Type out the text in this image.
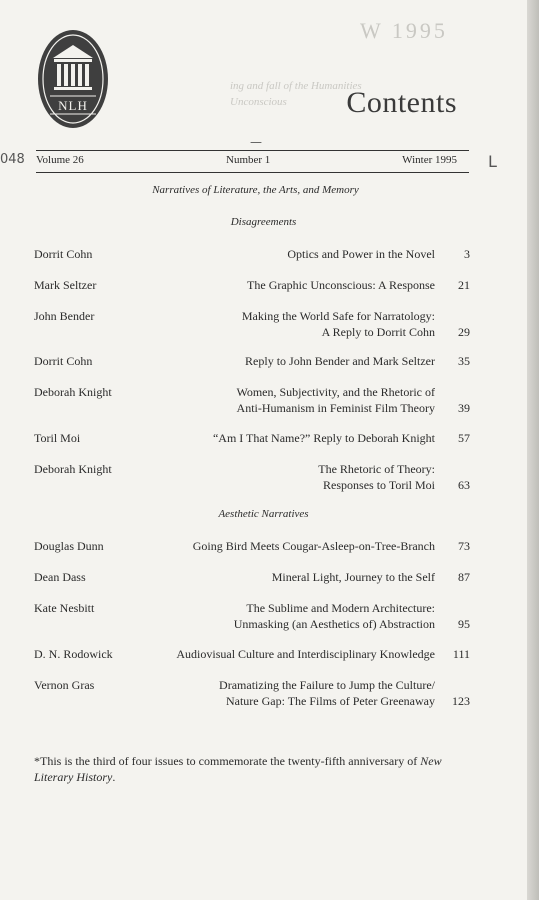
ing and fall of the Humanities
Unconscious
W 1995
NLH	Contents
048	L
—
Volume 26	Number 1	Winter 1995
Narratives of Literature, the Arts, and Memory
Disagreements
Dorrit Cohn	Optics and Power in the Novel 3
Mark Seltzer	The Graphic Unconscious: A Response 21
John Bender	Making the World Safe for Narratology:
A Reply to Dorrit Cohn 29
Dorrit Cohn	Reply to John Bender and Mark Seltzer 35
Deborah Knight	Women, Subjectivity, and the Rhetoric of
Anti-Humanism in Feminist Film Theory 39
Toril Moi	“Am I That Name?” Reply to Deborah Knight 57
Deborah Knight	The Rhetoric of Theory:
Responses to Toril Moi 63
Douglas Dunn	Going Bird Meets Cougar-Asleep-on-Tree-Branch 73
Dean Dass	Mineral Light, Journey to the Self 87
Kate Nesbitt	The Sublime and Modern Architecture:
Unmasking (an Aesthetics of) Abstraction 95
D. N. Rodowick	Audiovisual Culture and Interdisciplinary Knowledge 111
Vernon Gras	Dramatizing the Failure to Jump the Culture/
Nature Gap: The Films of Peter Greenaway 123
Aesthetic Narratives
*This is the third of four issues to commemorate the twenty-fifth anniversary of New Literary History.
